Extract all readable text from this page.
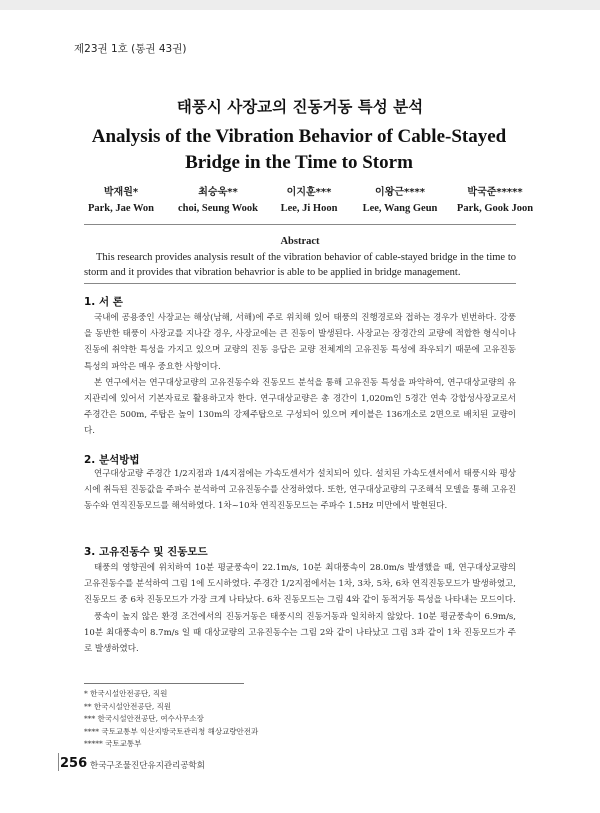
제23권 1호 (통권 43권)
태풍시 사장교의 진동거동 특성 분석
Analysis of the Vibration Behavior of Cable-Stayed Bridge in the Time to Storm
박재원*
Park, Jae Won
최승욱**
choi, Seung Wook
이지훈***
Lee, Ji Hoon
이왕근****
Lee, Wang Geun
박국준*****
Park, Gook Joon
Abstract
This research provides analysis result of the vibration behavior of cable-stayed bridge in the time to storm and it provides that vibration behavrior is able to be applied in bridge management.
1. 서 론

국내에 공용중인 사장교는 해상(남해, 서해)에 주로 위치해 있어 태풍의 진행경로와 접하는 경우가 빈번하다. 강풍을 동반한 태풍이 사장교를 지나갈 경우, 사장교에는 큰 진동이 발생된다. 사장교는 장경간의 교량에 적합한 형식이나 진동에 취약한 특성을 가지고 있으며 교량의 진동 응답은 교량 전체계의 고유진동 특성에 좌우되기 때문에 고유진동 특성의 파악은 매우 중요한 사항이다.

본 연구에서는 연구대상교량의 고유진동수와 진동모드 분석을 통해 고유진동 특성을 파악하여, 연구대상교량의 유지관리에 있어서 기본자료로 활용하고자 한다. 연구대상교량은 총 경간이 1,020m인 5경간 연속 강합성사장교로서 주경간은 500m, 주탑은 높이 130m의 강제주탑으로 구성되어 있으며 케이블은 136개소로 2면으로 배치된 교량이다.

2. 분석방법

연구대상교량 주경간 1/2지점과 1/4지점에는 가속도센서가 설치되어 있다. 설치된 가속도센서에서 태풍시와 평상시에 취득된 진동값을 주파수 분석하여 고유진동수를 산정하였다. 또한, 연구대상교량의 구조해석 모델을 통해 고유진동수와 연직진동모드를 해석하였다. 1차~10차 연직진동모드는 주파수 1.5Hz 미만에서 발현된다.

3. 고유진동수 및 진동모드

태풍의 영향권에 위치하여 10분 평균풍속이 22.1m/s, 10분 최대풍속이 28.0m/s 발생했을 때, 연구대상교량의 고유진동수를 분석하여 그림 1에 도시하였다. 주경간 1/2지점에서는 1차, 3차, 5차, 6차 연직진동모드가 발생하였고, 진동모드 중 6차 진동모드가 가장 크게 나타났다. 6차 진동모드는 그림 4와 같이 동적거동 특성을 나타내는 모드이다.

풍속이 높지 않은 환경 조건에서의 진동거동은 태풍시의 진동거동과 일치하지 않았다. 10분 평균풍속이 6.9m/s, 10분 최대풍속이 8.7m/s 일 때 대상교량의 고유진동수는 그림 2와 같이 나타났고 그림 3과 같이 1차 진동모드가 주로 발생하였다.

* 한국시설안전공단, 직원
** 한국시설안전공단, 직원
*** 한국시설안전공단, 여수사무소장
**** 국토교통부 익산지방국토관리청 해상교량안전과
***** 국토교통부
256 한국구조물진단유지관리공학회
